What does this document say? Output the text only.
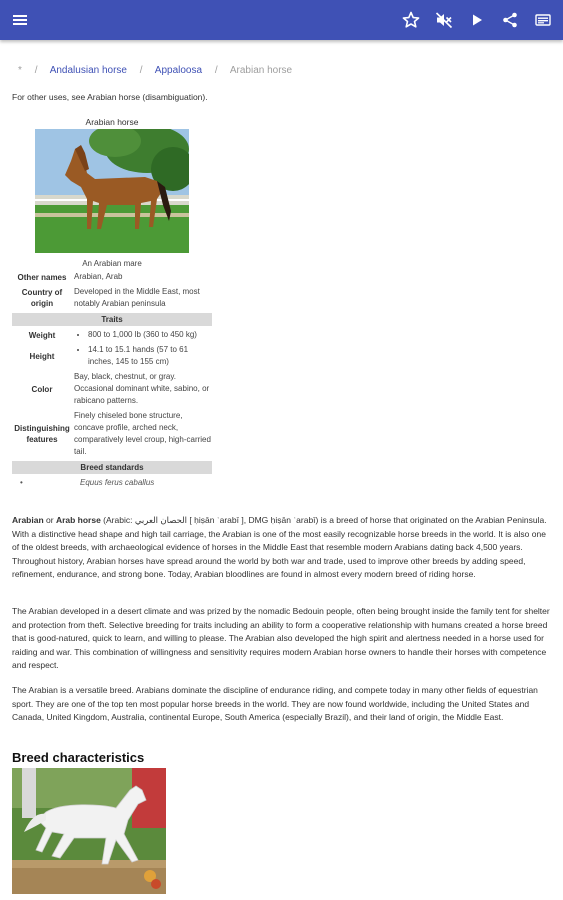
* / Andalusian horse / Appaloosa / Arabian horse
For other uses, see Arabian horse (disambiguation).
Arabian horse
An Arabian mare
Other names Arabian, Arab
Country of origin
Developed in the Middle East, most notably Arabian peninsula
Traits
Weight
•	800 to 1,000 lb (360 to 450 kg)
Height
• 14.1 to 15.1 hands (57 to 61 inches, 145 to 155 cm)
Color
Bay, black, chestnut, or gray. Occasional dominant white, sabino, or rabicano patterns.
Distinguishing features
Finely chiseled bone structure, concave profile, arched neck, comparatively level croup, high-carried tail.
Breed standards
•	Equus ferus caballus

Arabian or Arab horse (Arabic: الحصان العربي [ ḥiṣān ʿarabī ], DMG ḥiṣān ʿarabī) is a breed of horse that originated on the Arabian Peninsula. With a distinctive head shape and high tail carriage, the Arabian is one of the most easily recognizable horse breeds in the world. It is also one of the oldest breeds, with archaeological evidence of horses in the Middle East that resemble modern Arabians dating back 4,500 years. Throughout history, Arabian horses have spread around the world by both war and trade, used to improve other breeds by adding speed, refinement, endurance, and strong bone. Today, Arabian bloodlines are found in almost every modern breed of riding horse.

The Arabian developed in a desert climate and was prized by the nomadic Bedouin people, often being brought inside the family tent for shelter and protection from theft. Selective breeding for traits including an ability to form a cooperative relationship with humans created a horse breed that is good-natured, quick to learn, and willing to please. The Arabian also developed the high spirit and alertness needed in a horse used for raiding and war. This combination of willingness and sensitivity requires modern Arabian horse owners to handle their horses with competence and respect.

The Arabian is a versatile breed. Arabians dominate the discipline of endurance riding, and compete today in many other fields of equestrian sport. They are one of the top ten most popular horse breeds in the world. They are now found worldwide, including the United States and Canada, United Kingdom, Australia, continental Europe, South America (especially Brazil), and their land of origin, the Middle East.

Breed characteristics
